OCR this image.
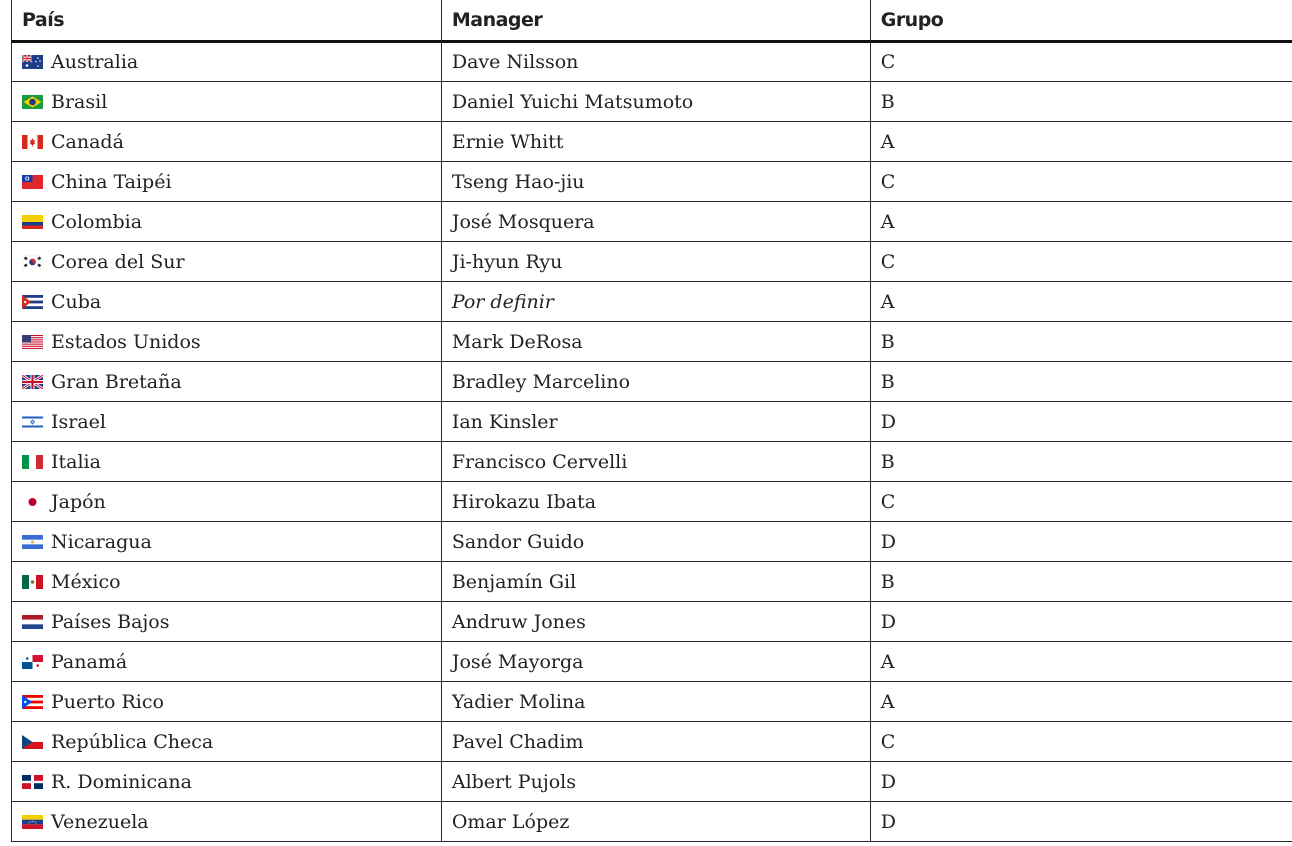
País	Manager	Grupo

Australia	Dave Nilsson	C

Brasil	Daniel Yuichi Matsumoto	B

Canadá	Ernie Whitt	A

China Taipéi	Tseng Hao-jiu	C

Colombia	José Mosquera	A

Corea del Sur	Ji-hyun Ryu	C

Cuba	Por definir	A

Estados Unidos	Mark DeRosa	B

Gran Bretaña	Bradley Marcelino	B

Israel	Ian Kinsler	D

Italia	Francisco Cervelli	B

Japón	Hirokazu Ibata	C

Nicaragua	Sandor Guido	D

México	Benjamín Gil	B

Países Bajos	Andruw Jones	D

Panamá	José Mayorga	A

Puerto Rico	Yadier Molina	A

República Checa	Pavel Chadim	C

R. Dominicana	Albert Pujols	D

Venezuela	Omar López	D
